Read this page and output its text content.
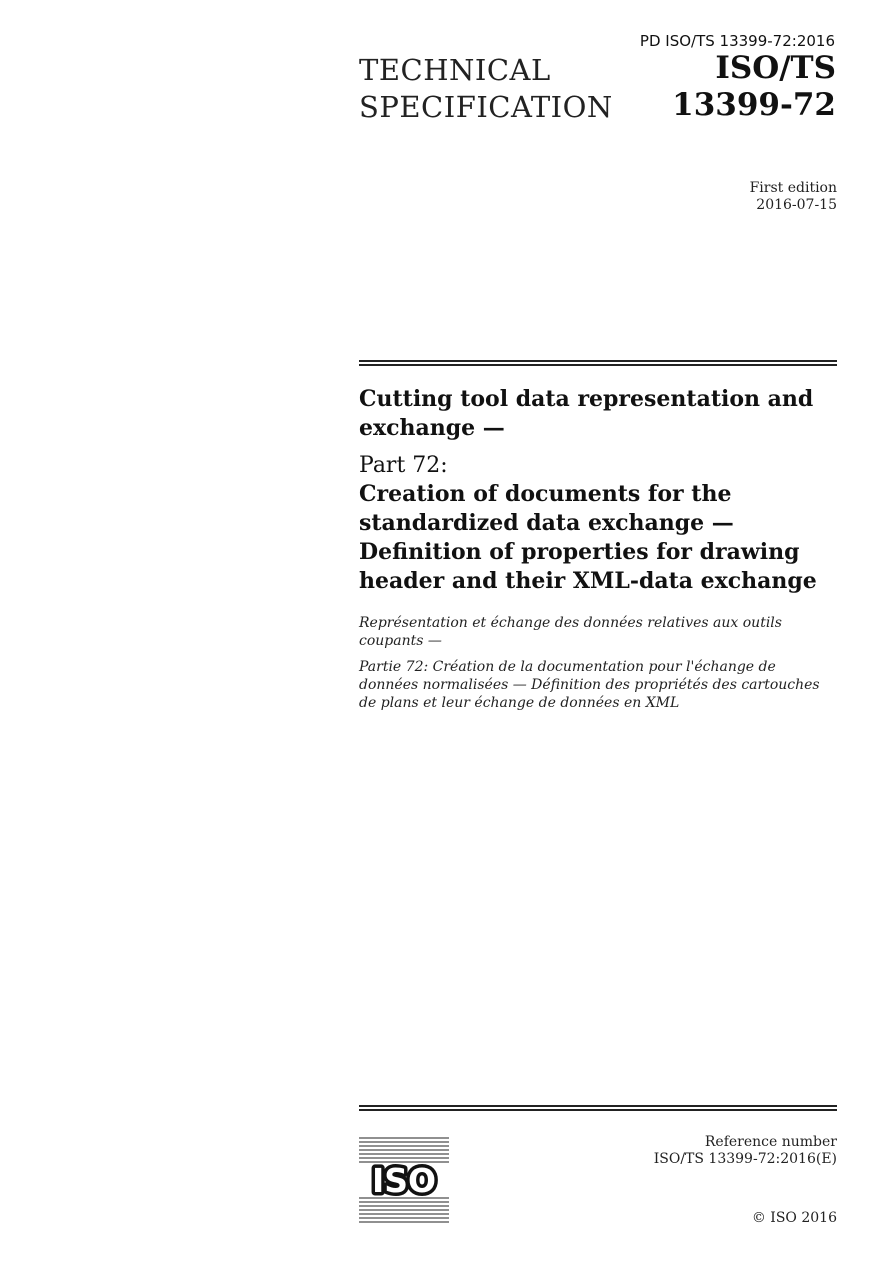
PD ISO/TS 13399-72:2016
TECHNICAL
SPECIFICATION
ISO/TS
13399-72
First edition
2016-07-15
Cutting tool data representation and exchange —

Part 72:

Creation of documents for the standardized data exchange — Definition of properties for drawing header and their XML-data exchange

Représentation et échange des données relatives aux outils coupants —

Partie 72: Création de la documentation pour l'échange de données normalisées — Définition des propriétés des cartouches de plans et leur échange de données en XML

ISO
Reference number
ISO/TS 13399-72:2016(E)
© ISO 2016
